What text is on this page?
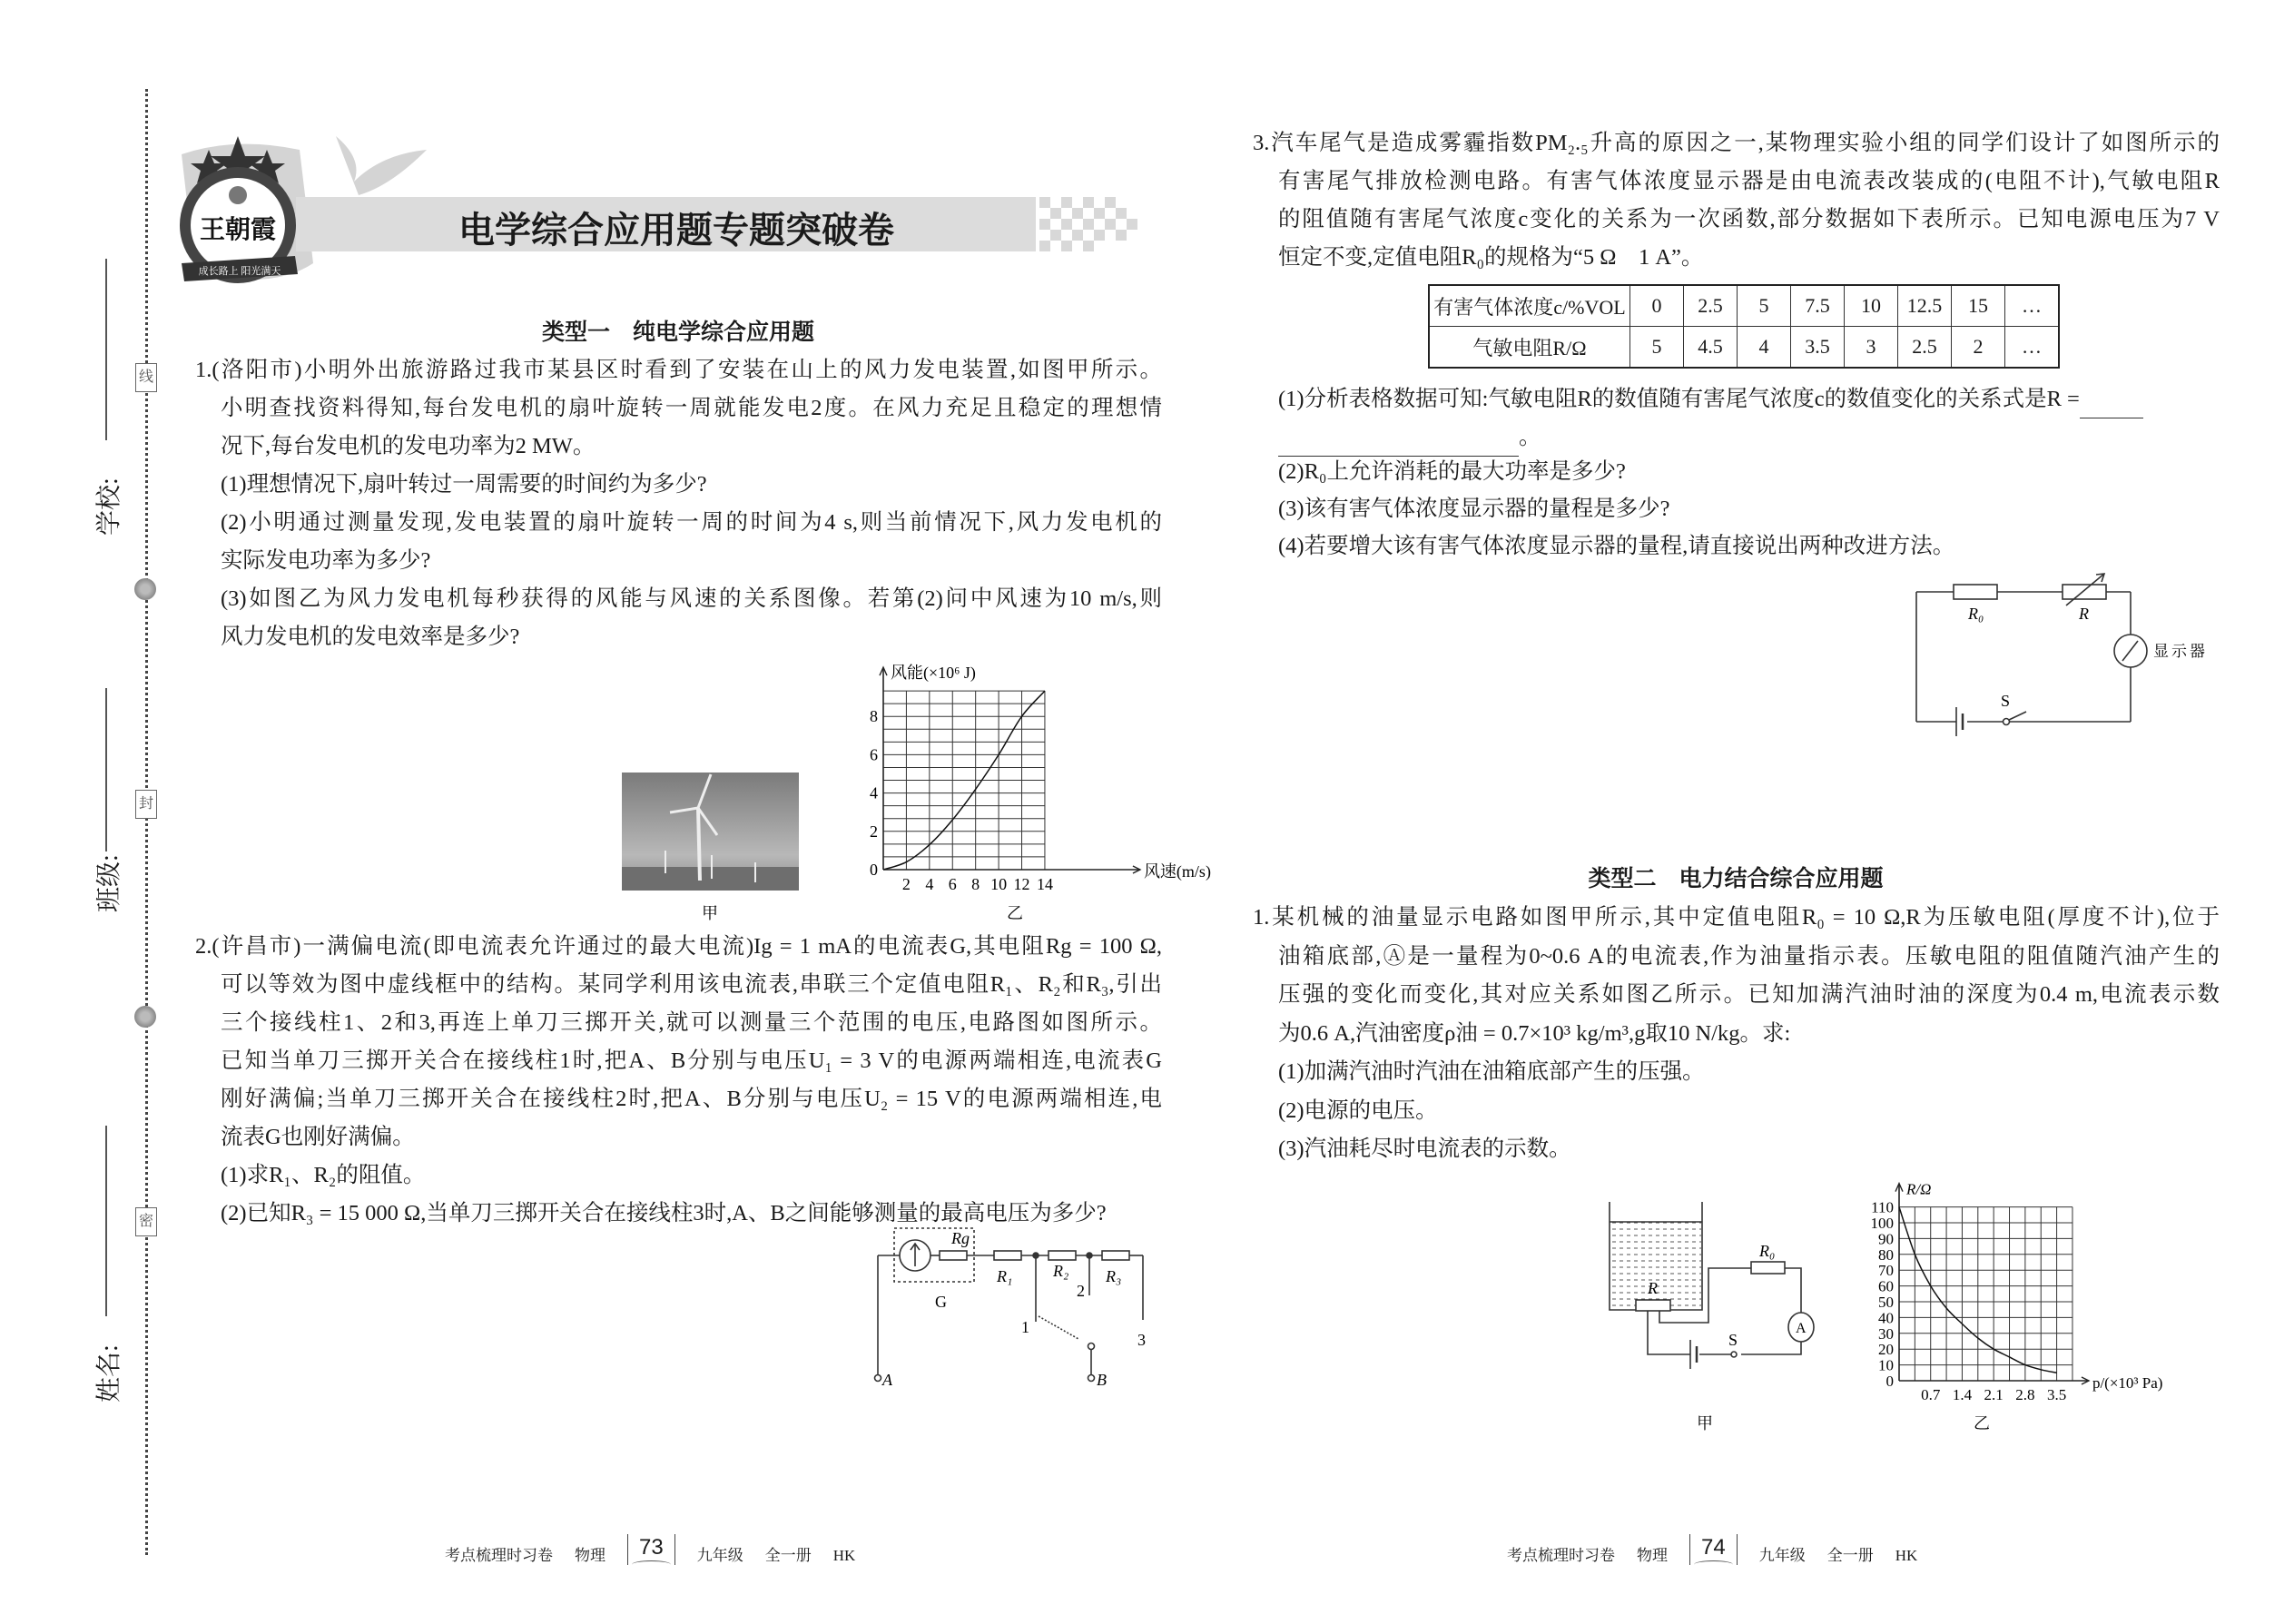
学校:
班级:
姓名:
线
封
密
王朝霞
成长路上 阳光满天
甲	乙
0
2
4
6
8
2 4 6 8 10 12 14
风能(×10⁶ J)
风速(m/s)
Rg
R₁ R₂ R₃
A	B
G
1
2
3
R₀	R
S
显示器
R
R₀
A
S
甲	乙
0
10
20
30
40
50
60
70
80
90
100
110
0.7 1.4 2.1 2.8 3.5
R/Ω
p/(×10³ Pa)
电学综合应用题专题突破卷
类型一　纯电学综合应用题
1.(洛阳市)小明外出旅游路过我市某县区时看到了安装在山上的风力发电装置,如图甲所示。
小明查找资料得知,每台发电机的扇叶旋转一周就能发电2度。在风力充足且稳定的理想情
况下,每台发电机的发电功率为2 MW。
(1)理想情况下,扇叶转过一周需要的时间约为多少?
(2)小明通过测量发现,发电装置的扇叶旋转一周的时间为4 s,则当前情况下,风力发电机的
实际发电功率为多少?
(3)如图乙为风力发电机每秒获得的风能与风速的关系图像。若第(2)问中风速为10 m/s,则
风力发电机的发电效率是多少?
2.(许昌市)一满偏电流(即电流表允许通过的最大电流)Ig = 1 mA的电流表G,其电阻Rg = 100 Ω,
可以等效为图中虚线框中的结构。某同学利用该电流表,串联三个定值电阻R₁、R₂和R₃,引出
三个接线柱1、2和3,再连上单刀三掷开关,就可以测量三个范围的电压,电路图如图所示。
已知当单刀三掷开关合在接线柱1时,把A、B分别与电压U₁ = 3 V的电源两端相连,电流表G
刚好满偏;当单刀三掷开关合在接线柱2时,把A、B分别与电压U₂ = 15 V的电源两端相连,电
流表G也刚好满偏。
(1)求R₁、R₂的阻值。
(2)已知R₃ = 15 000 Ω,当单刀三掷开关合在接线柱3时,A、B之间能够测量的最高电压为多少?
3.汽车尾气是造成雾霾指数PM₂.₅升高的原因之一,某物理实验小组的同学们设计了如图所示的
有害尾气排放检测电路。有害气体浓度显示器是由电流表改装成的(电阻不计),气敏电阻R
的阻值随有害尾气浓度c变化的关系为一次函数,部分数据如下表所示。已知电源电压为7 V
恒定不变,定值电阻R₀的规格为“5 Ω　1 A”。
有害气体浓度c/%VOL	0	2.5	5	7.5	10	12.5	15	…
气敏电阻R/Ω	5	4.5	4	3.5	3	2.5	2	…
(1)分析表格数据可知:气敏电阻R的数值随有害尾气浓度c的数值变化的关系式是R =
。
(2)R₀上允许消耗的最大功率是多少?
(3)该有害气体浓度显示器的量程是多少?
(4)若要增大该有害气体浓度显示器的量程,请直接说出两种改进方法。
类型二　电力结合综合应用题
1.某机械的油量显示电路如图甲所示,其中定值电阻R₀ = 10 Ω,R为压敏电阻(厚度不计),位于
油箱底部,Ⓐ是一量程为0~0.6 A的电流表,作为油量指示表。压敏电阻的阻值随汽油产生的
压强的变化而变化,其对应关系如图乙所示。已知加满汽油时油的深度为0.4 m,电流表示数
为0.6 A,汽油密度ρ油 = 0.7×10³ kg/m³,g取10 N/kg。求:
(1)加满汽油时汽油在油箱底部产生的压强。
(2)电源的电压。
(3)汽油耗尽时电流表的示数。
考点梳理时习卷 物理	73	九年级 全一册 HK	考点梳理时习卷 物理	74	九年级 全一册 HK
